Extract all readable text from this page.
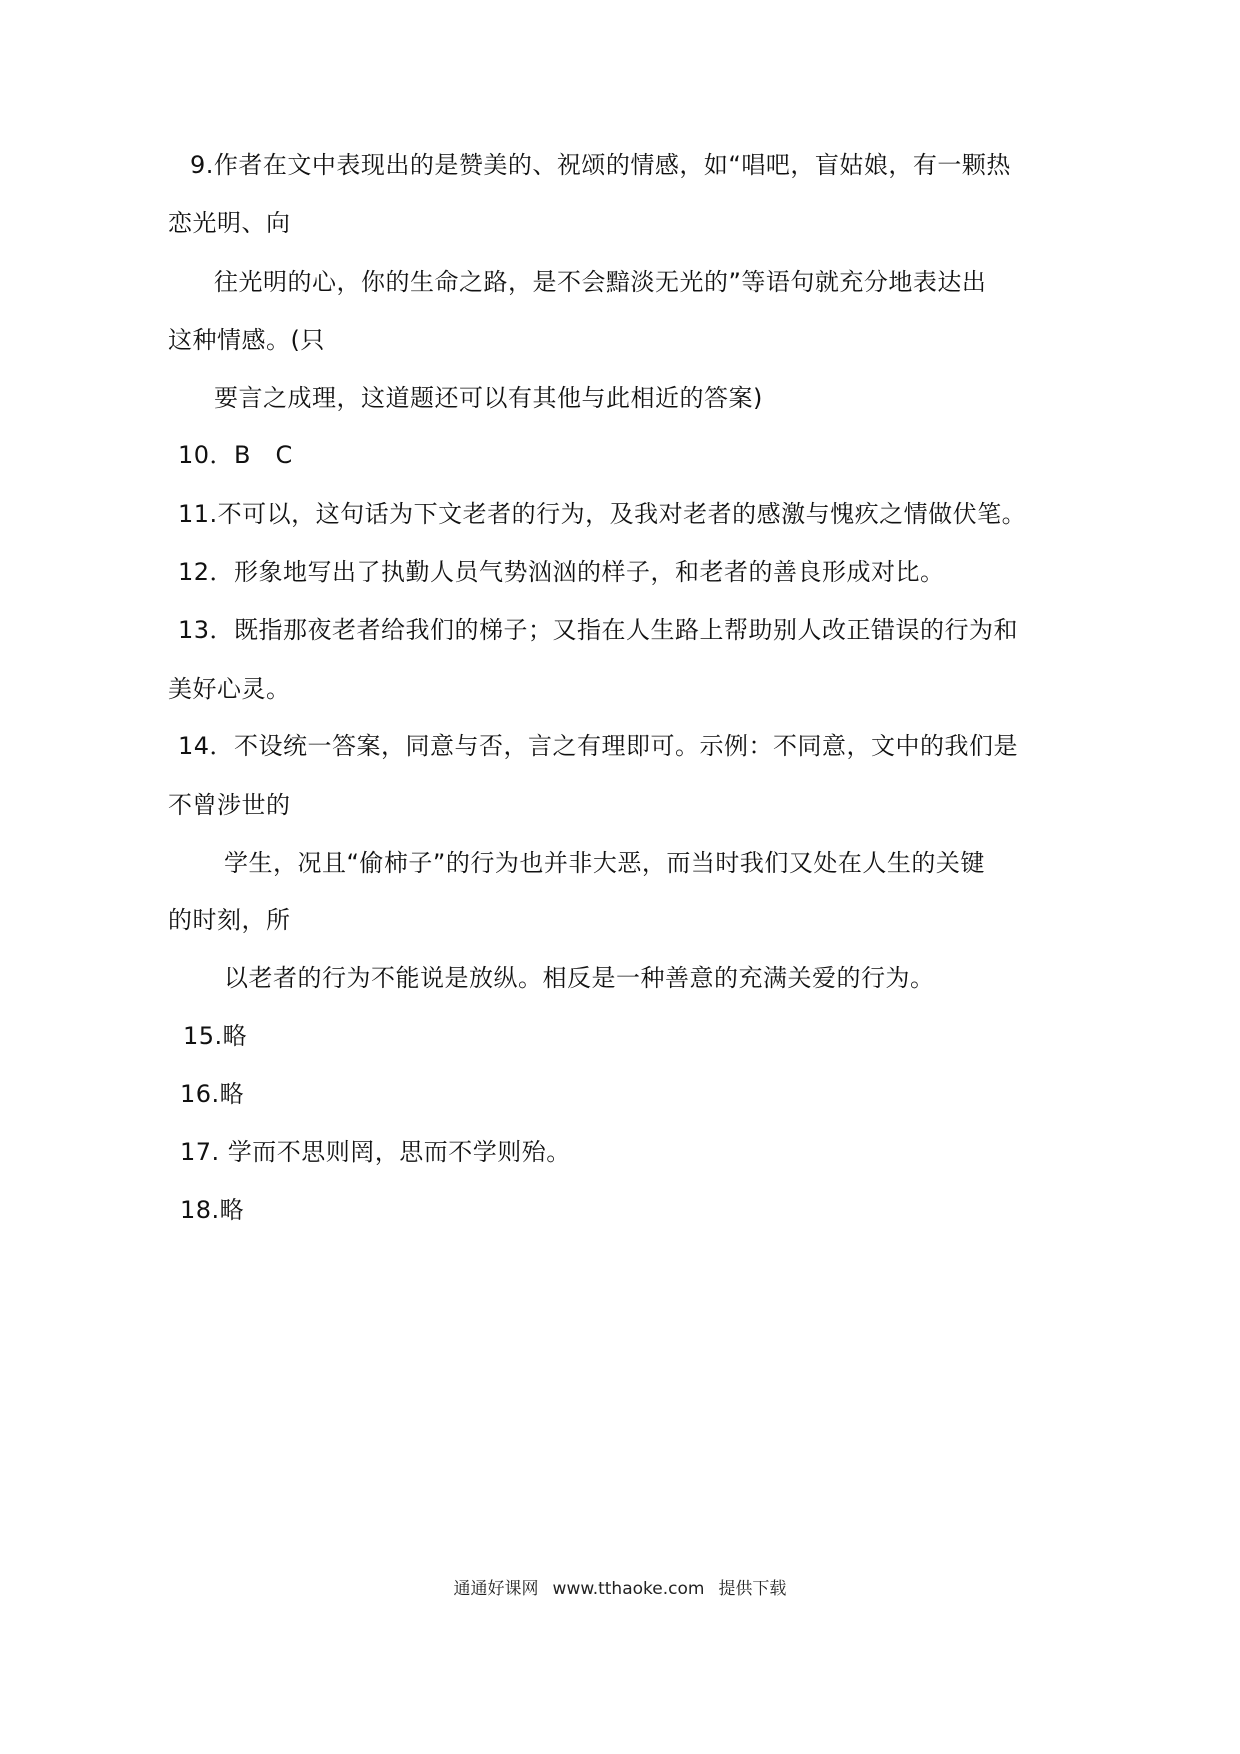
9.作者在文中表现出的是赞美的、祝颂的情感，如“唱吧，盲姑娘，有一颗热
恋光明、向
往光明的心，你的生命之路，是不会黯淡无光的”等语句就充分地表达出
这种情感。(只
要言之成理，这道题还可以有其他与此相近的答案)
10．B　C
11.不可以，这句话为下文老者的行为，及我对老者的感激与愧疚之情做伏笔。
12．形象地写出了执勤人员气势汹汹的样子，和老者的善良形成对比。
13．既指那夜老者给我们的梯子；又指在人生路上帮助别人改正错误的行为和
美好心灵。
14．不设统一答案，同意与否，言之有理即可。示例：不同意，文中的我们是
不曾涉世的
学生，况且“偷柿子”的行为也并非大恶，而当时我们又处在人生的关键
的时刻，所
以老者的行为不能说是放纵。相反是一种善意的充满关爱的行为。
15.略
16.略
17. 学而不思则罔，思而不学则殆。
18.略
通通好课网 www.tthaoke.com 提供下载
